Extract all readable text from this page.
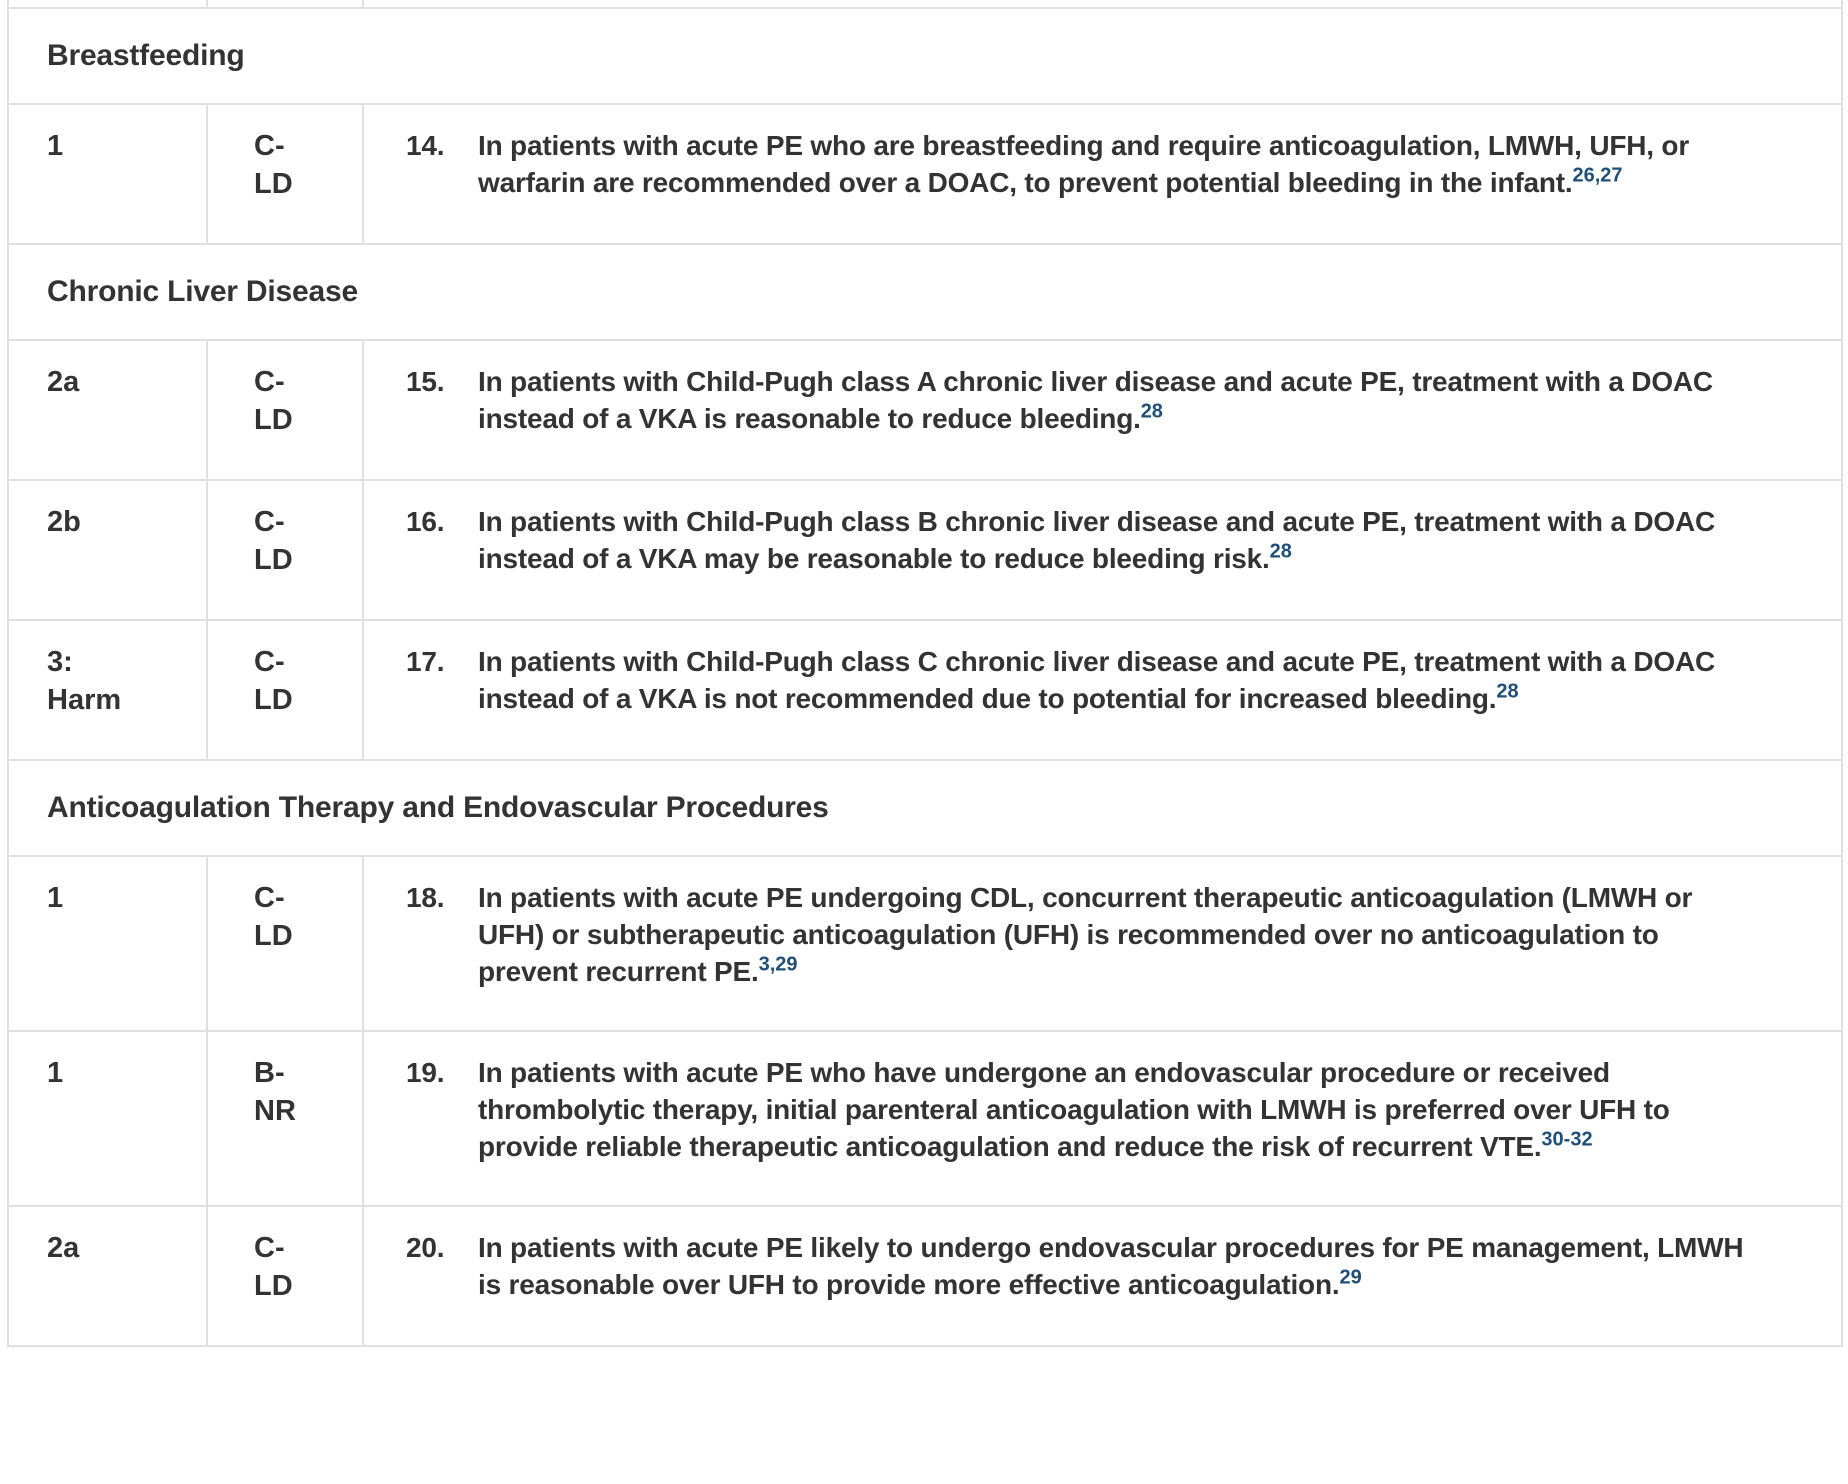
Breastfeeding		
1	C-LD	14. In patients with acute PE who are breastfeeding and require anticoagulation, LMWH, UFH, or warfarin are recommended over a DOAC, to prevent potential bleeding in the infant.$^{26,27}$

Chronic Liver Disease		
2a	C-LD	15. In patients with Child-Pugh class A chronic liver disease and acute PE, treatment with a DOAC instead of a VKA is reasonable to reduce bleeding.$^{28}$

2b	C-LD	16. In patients with Child-Pugh class B chronic liver disease and acute PE, treatment with a DOAC instead of a VKA may be reasonable to reduce bleeding risk.$^{28}$

3: Harm	C-LD	17. In patients with Child-Pugh class C chronic liver disease and acute PE, treatment with a DOAC instead of a VKA is not recommended due to potential for increased bleeding.$^{28}$

Anticoagulation Therapy and Endovascular Procedures		
1	C-LD	18. In patients with acute PE undergoing CDL, concurrent therapeutic anticoagulation (LMWH or UFH) or subtherapeutic anticoagulation (UFH) is recommended over no anticoagulation to prevent recurrent PE.$^{3,29}$

1	B-NR	19. In patients with acute PE who have undergone an endovascular procedure or received thrombolytic therapy, initial parenteral anticoagulation with LMWH is preferred over UFH to provide reliable therapeutic anticoagulation and reduce the risk of recurrent VTE.$^{30-32}$

2a	C-LD	20. In patients with acute PE likely to undergo endovascular procedures for PE management, LMWH is reasonable over UFH to provide more effective anticoagulation.$^{29}$
